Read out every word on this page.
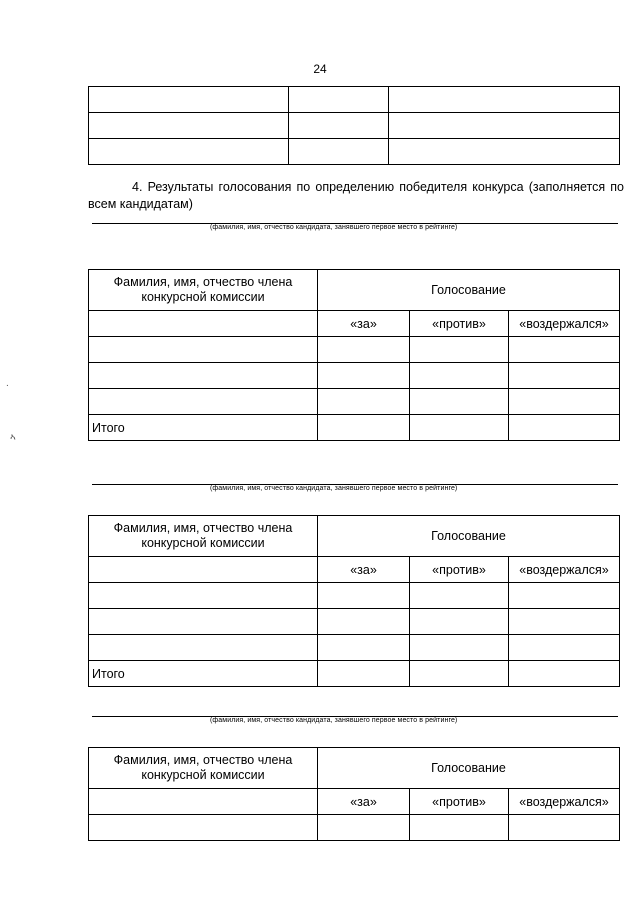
24

4. Результаты голосования по определению победителя конкурса (заполняется по всем кандидатам)
(фамилия, имя, отчество кандидата, занявшего первое место в рейтинге)
Фамилия, имя, отчество члена конкурсной комиссии	Голосование		
	«за»	«против»	«воздержался»

Итого			
(фамилия, имя, отчество кандидата, занявшего первое место в рейтинге)
Фамилия, имя, отчество члена конкурсной комиссии	Голосование		
	«за»	«против»	«воздержался»

Итого			
(фамилия, имя, отчество кандидата, занявшего первое место в рейтинге)
Фамилия, имя, отчество члена конкурсной комиссии	Голосование		
	«за»	«против»	«воздержался»

.
ኣ
